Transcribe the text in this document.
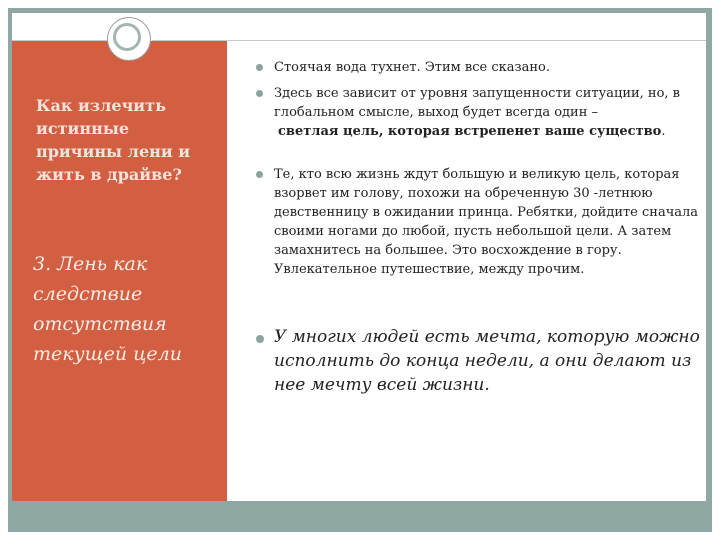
Как излечить истинные причины лени и жить в драйве?
3. Лень как следствие отсутствия текущей цели
Стоячая вода тухнет. Этим все сказано.
Здесь все зависит от уровня запущенности ситуации, но, в глобальном смысле, выход будет всегда один –
светлая цель, которая встрепенет ваше существо.
Те, кто всю жизнь ждут большую и великую цель, которая взорвет им голову, похожи на обреченную 30 -летнюю девственницу в ожидании принца. Ребятки, дойдите сначала своими ногами до любой, пусть небольшой цели. А затем замахнитесь на большее. Это восхождение в гору. Увлекательное путешествие, между прочим.
У многих людей есть мечта, которую можно исполнить до конца недели, а они делают из нее мечту всей жизни.
